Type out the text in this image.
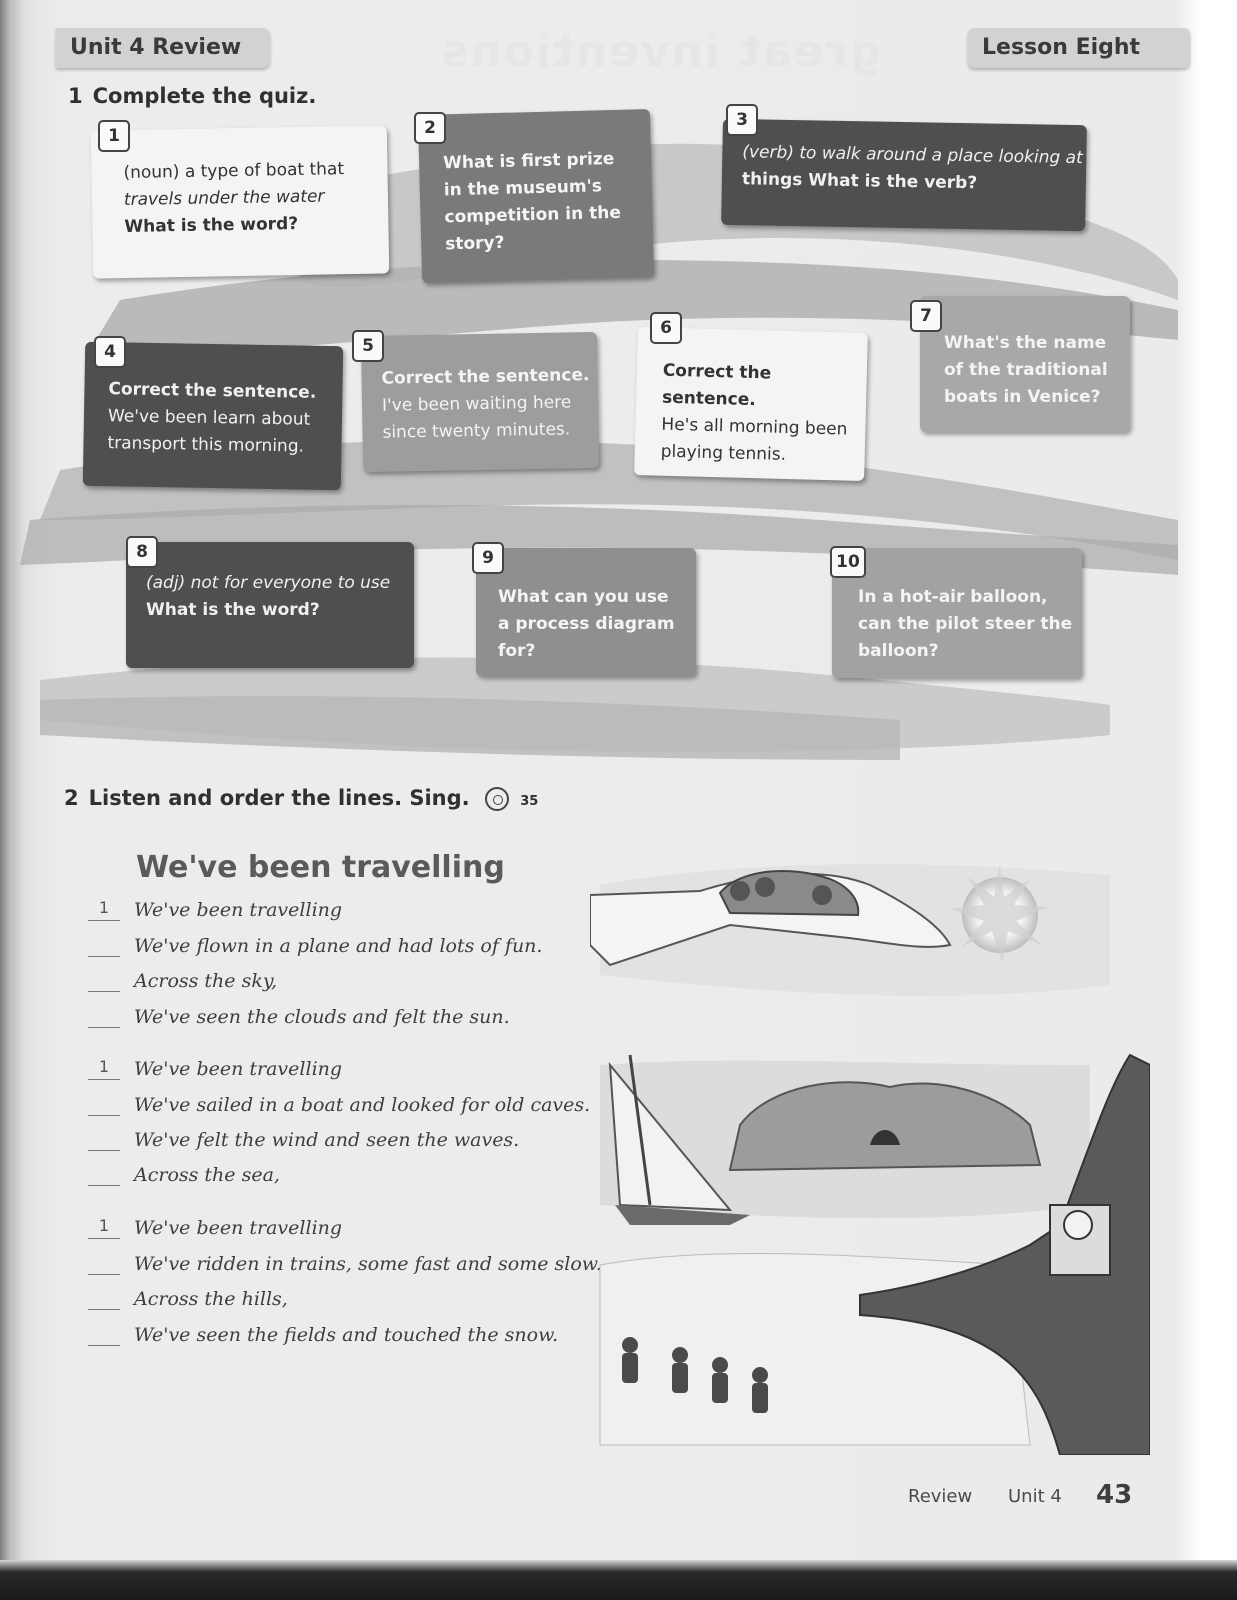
Unit 4 Review	great inventions	Lesson Eight
1 Complete the quiz.
(noun) a type of boat that
travels under the water
What is the word?
1
What is first prize
in the museum's
competition in the
story?
2
(verb) to walk around a place looking at
things What is the verb?
3
Correct the sentence.
We've been learn about
transport this morning.
4
Correct the sentence.
I've been waiting here
since twenty minutes.
5
Correct the sentence.
He's all morning been
playing tennis.
6
What's the name
of the traditional
boats in Venice?
7
(adj) not for everyone to use
What is the word?
8
What can you use
a process diagram
for?
9
In a hot-air balloon,
can the pilot steer the
balloon?
10
2 Listen and order the lines. Sing.	35
We've been travelling
1 We've been travelling
We've flown in a plane and had lots of fun.
Across the sky,
We've seen the clouds and felt the sun.
1 We've been travelling
We've sailed in a boat and looked for old caves.
We've felt the wind and seen the waves.
Across the sea,
1 We've been travelling
We've ridden in trains, some fast and some slow.
Across the hills,
We've seen the fields and touched the snow.
Review Unit 4 43
